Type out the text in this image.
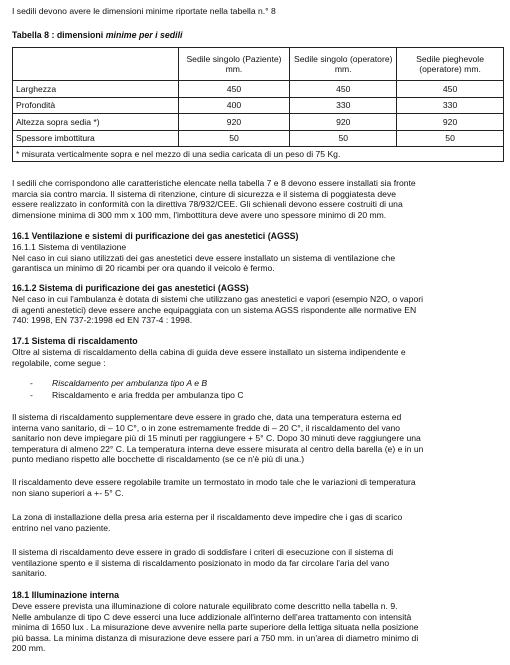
I sedili devono avere le dimensioni minime riportate nella tabella n.° 8

Tabella 8 : dimensioni minime per i sedili
	Sedile singolo (Paziente) mm.	Sedile singolo (operatore) mm.	Sedile pieghevole (operatore) mm.
Larghezza	450	450	450
Profondità	400	330	330
Altezza sopra sedia *)	920	920	920
Spessore imbottitura	50	50	50
* misurata verticalmente sopra e nel mezzo di una sedia caricata di un peso di 75 Kg.			

I sedili che corrispondono alle caratteristiche elencate nella tabella 7 e 8 devono essere installati sia fronte

marcia sia contro marcia. Il sistema di ritenzione, cinture di sicurezza e il sistema di poggiatesta deve

essere realizzato in conformità con la direttiva 78/932/CEE. Gli schienali devono essere costruiti di una

dimensione minima di 300 mm x 100 mm, l'imbottitura deve avere uno spessore minimo di 20 mm.

16.1 Ventilazione e sistemi di purificazione dei gas anestetici (AGSS)
16.1.1 Sistema di ventilazione

Nel caso in cui siano utilizzati dei gas anestetici deve essere installato un sistema di ventilazione che

garantisca un minimo di 20 ricambi per ora quando il veicolo è fermo.

16.1.2 Sistema di purificazione dei gas anestetici (AGSS)

Nel caso in cui l'ambulanza è dotata di sistemi che utilizzano gas anestetici e vapori (esempio N2O, o vapori

di agenti anestetici) deve essere anche equipaggiata con un sistema AGSS rispondente alle normative EN

740: 1998, EN 737-2:1998 ed EN 737-4 : 1998.

17.1 Sistema di riscaldamento

Oltre al sistema di riscaldamento della cabina di guida deve essere installato un sistema indipendente e

regolabile, come segue :

- Riscaldamento per ambulanza tipo A e B
- Riscaldamento e aria fredda per ambulanza tipo C

Il sistema di riscaldamento supplementare deve essere in grado che, data una temperatura esterna ed

interna vano sanitario, di – 10 C°, o in zone estremamente fredde di – 20 C°, il riscaldamento del vano

sanitario non deve impiegare più di 15 minuti per raggiungere + 5° C. Dopo 30 minuti deve raggiungere una

temperatura di almeno 22° C. La temperatura interna deve essere misurata al centro della barella (e) e in un

punto mediano rispetto alle bocchette di riscaldamento (se ce n'è più di una.)

Il riscaldamento deve essere regolabile tramite un termostato in modo tale che le variazioni di temperatura

non siano superiori a +- 5° C.

La zona di installazione della presa aria esterna per il riscaldamento deve impedire che i gas di scarico

entrino nel vano paziente.

Il sistema di riscaldamento deve essere in grado di soddisfare i criteri di esecuzione con il sistema di

ventilazione spento e il sistema di riscaldamento posizionato in modo da far circolare l'aria del vano

sanitario.

18.1 Illuminazione interna

Deve essere prevista una illuminazione di colore naturale equilibrato come descritto nella tabella n. 9.

Nelle ambulanze di tipo C deve esserci una luce addizionale all'interno dell'area trattamento con intensità

minima di 1650 lux . La misurazione deve avvenire nella parte superiore della lettiga situata nella posizione

più bassa. La minima distanza di misurazione deve essere pari a 750 mm. in un'area di diametro minimo di

200 mm.
